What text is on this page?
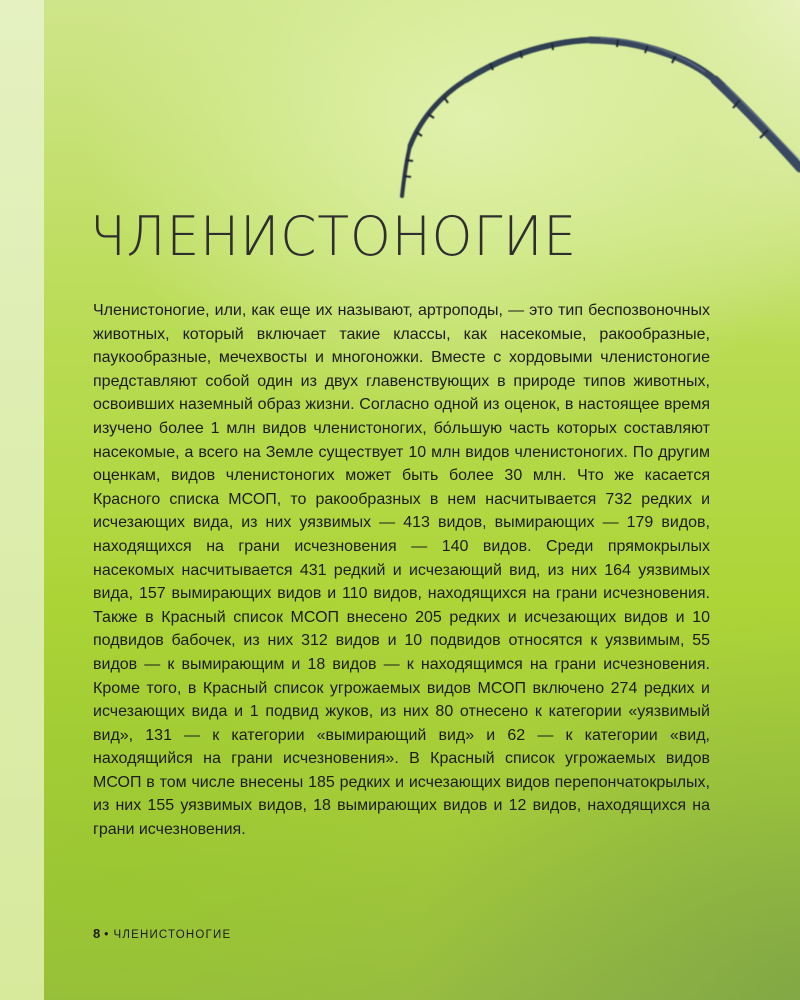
ЧЛЕНИСТОНОГИЕ

Членистоногие, или, как еще их называют, артроподы, — это тип беспозвоночных животных, который включает такие классы, как насекомые, ракообразные, паукообразные, мечехвосты и многоножки. Вместе с хордовыми членистоногие представляют собой один из двух главенствующих в природе типов животных, освоивших наземный образ жизни. Согласно одной из оценок, в настоящее время изучено более 1 млн видов членистоногих, бо́льшую часть которых составляют насекомые, а всего на Земле существует 10 млн видов членистоногих. По другим оценкам, видов членистоногих может быть более 30 млн. Что же касается Красного списка МСОП, то ракообразных в нем насчитывается 732 редких и исчезающих вида, из них уязвимых — 413 видов, вымирающих — 179 видов, находящихся на грани исчезновения — 140 видов. Среди прямокрылых насекомых насчитывается 431 редкий и исчезающий вид, из них 164 уязвимых вида, 157 вымирающих видов и 110 видов, находящихся на грани исчезновения. Также в Красный список МСОП внесено 205 редких и исчезающих видов и 10 подвидов бабочек, из них 312 видов и 10 подвидов относятся к уязвимым, 55 видов — к вымирающим и 18 видов — к находящимся на грани исчезновения. Кроме того, в Красный список угрожаемых видов МСОП включено 274 редких и исчезающих вида и 1 подвид жуков, из них 80 отнесено к категории «уязвимый вид», 131 — к категории «вымирающий вид» и 62 — к категории «вид, находящийся на грани исчезновения». В Красный список угрожаемых видов МСОП в том числе внесены 185 редких и исчезающих видов перепончатокрылых, из них 155 уязвимых видов, 18 вымирающих видов и 12 видов, находящихся на грани исчезновения.

8 • ЧЛЕНИСТОНОГИЕ
